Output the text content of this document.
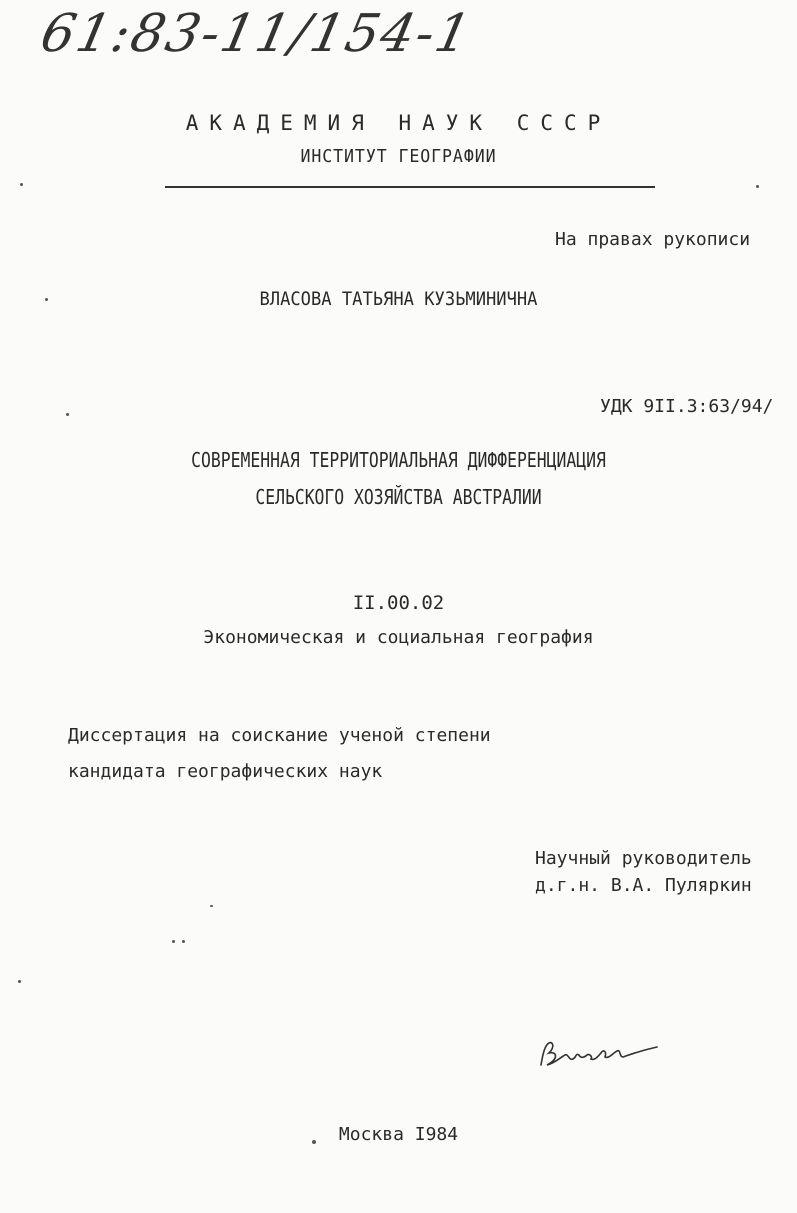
61:83-11/154-1
АКАДЕМИЯ НАУК СССР
ИНСТИТУТ ГЕОГРАФИИ
На правах рукописи
ВЛАСОВА ТАТЬЯНА КУЗЬМИНИЧНА
УДК 9II.3:63/94/
СОВРЕМЕННАЯ ТЕРРИТОРИАЛЬНАЯ ДИФФЕРЕНЦИАЦИЯ
СЕЛЬСКОГО ХОЗЯЙСТВА АВСТРАЛИИ
II.00.02
Экономическая и социальная география
Диссертация на соискание ученой степени
кандидата географических наук
Научный руководитель
д.г.н. В.А. Пуляркин
Москва I984
